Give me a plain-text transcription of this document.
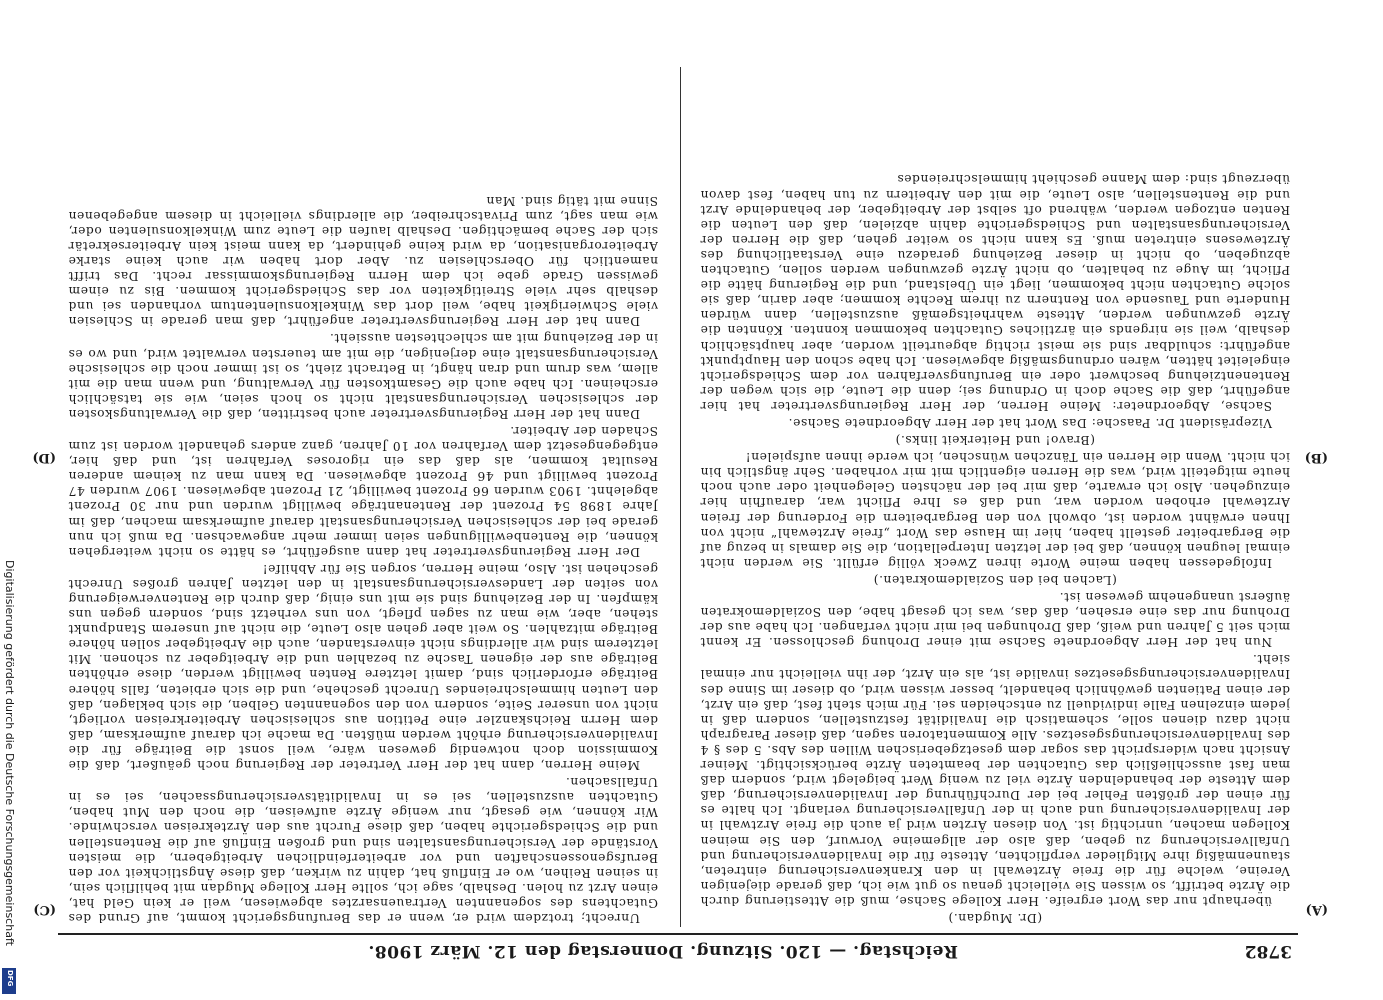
Digitalisierung gefördert durch die Deutsche Forschungsgemeinschaft
DFG
3782
Reichstag. — 120. Sitzung. Donnerstag den 12. März 1908.
(A)
(B)
(C)
(D)

(Dr. Mugdan.)

überhaupt nur das Wort ergreife. Herr Kollege Sachse, muß die Attestierung durch die Ärzte betrifft, so wissen Sie vielleicht genau so gut wie ich, daß gerade diejenigen Vereine, welche für die freie Ärztewahl in den Krankenversicherung eintreten, staunenmäßig ihre Mitglieder verpflichten, Atteste für die Invalidenversicherung und Unfallversicherung zu geben, daß also der allgemeine Vorwurf, den Sie meinen Kollegen machen, unrichtig ist. Von diesen Ärzten wird ja auch die freie Arztwahl in der Invalidenversicherung und auch in der Unfallversicherung verlangt. Ich halte es für einen der größten Fehler bei der Durchführung der Invalidenversicherung, daß dem Atteste der behandelnden Ärzte viel zu wenig Wert beigelegt wird, sondern daß man fast ausschließlich das Gutachten der beamteten Ärzte berücksichtigt. Meiner Ansicht nach widerspricht das sogar dem gesetzgeberischen Willen des Abs. 5 des § 4 des Invalidenversicherungsgesetzes. Alle Kommentatoren sagen, daß dieser Paragraph nicht dazu dienen solle, schematisch die Invalidität festzustellen, sondern daß in jedem einzelnen Falle individuell zu entscheiden sei. Für mich steht fest, daß ein Arzt, der einen Patienten gewöhnlich behandelt, besser wissen wird, ob dieser im Sinne des Invalidenversicherungsgesetzes invalide ist, als ein Arzt, der ihn vielleicht nur einmal sieht.

Nun hat der Herr Abgeordnete Sachse mit einer Drohung geschlossen. Er kennt mich seit 5 Jahren und weiß, daß Drohungen bei mir nicht verfangen. Ich habe aus der Drohung nur das eine ersehen, daß das, was ich gesagt habe, den Sozialdemokraten äußerst unangenehm gewesen ist.

(Lachen bei den Sozialdemokraten.)

Infolgedessen haben meine Worte ihren Zweck völlig erfüllt. Sie werden nicht einmal leugnen können, daß bei der letzten Interpellation, die Sie damals in bezug auf die Bergarbeiter gestellt haben, hier im Hause das Wort „freie Arztewahl“ nicht von Ihnen erwähnt worden ist, obwohl von den Bergarbeitern die Forderung der freien Arztewahl erhoben worden war, und daß es Ihre Pflicht war, daraufhin hier einzugehen. Also ich erwarte, daß mir bei der nächsten Gelegenheit oder auch noch heute mitgeteilt wird, was die Herren eigentlich mit mir vorhaben. Sehr ängstlich bin ich nicht. Wenn die Herren ein Tänzchen wünschen, ich werde ihnen aufspielen!

(Bravo! und Heiterkeit links.)

Vizepräsident Dr. Paasche: Das Wort hat der Herr Abgeordnete Sachse.

Sachse, Abgeordneter: Meine Herren, der Herr Regierungsvertreter hat hier angeführt, daß die Sache doch in Ordnung sei; denn die Leute, die sich wegen der Rentenentziehung beschwert oder ein Berufungsverfahren vor dem Schiedsgericht eingeleitet hätten, wären ordnungsmäßig abgewiesen. Ich habe schon den Hauptpunkt angeführt: schuldbar sind sie meist richtig abgeurteilt worden, aber hauptsächlich deshalb, weil sie nirgends ein ärztliches Gutachten bekommen konnten. Könnten die Ärzte gezwungen werden, Atteste wahrheitsgemäß auszustellen, dann würden Hunderte und Tausende von Rentnern zu ihrem Rechte kommen; aber darin, daß sie solche Gutachten nicht bekommen, liegt ein Übelstand, und die Regierung hätte die Pflicht, im Auge zu behalten, ob nicht Ärzte gezwungen werden sollen, Gutachten abzugeben, ob nicht in dieser Beziehung geradezu eine Verstaatlichung des Ärztewesens eintreten muß. Es kann nicht so weiter gehen, daß die Herren der Versicherungsanstalten und Schiedsgerichte dahin abzielen, daß den Leuten die Renten entzogen werden, während oft selbst der Arbeitgeber, der behandelnde Arzt und die Rentenstellen, also Leute, die mit den Arbeitern zu tun haben, fest davon überzeugt sind: dem Manne geschieht himmelschreiendes

Unrecht; trotzdem wird er, wenn er das Berufungsgericht kommt, auf Grund des Gutachtens des sogenannten Vertrauensarztes abgewiesen, weil er kein Geld hat, einen Arzt zu holen. Deshalb, sage ich, sollte Herr Kollege Mugdan mit behilflich sein, in seinen Reihen, wo er Einfluß hat, dahin zu wirken, daß diese Ängstlichkeit vor den Berufsgenossenschaften und vor arbeiterfeindlichen Arbeitgebern, die meisten Vorstände der Versicherungsanstalten sind und großen Einfluß auf die Rentenstellen und die Schiedsgerichte haben, daß diese Furcht aus den Ärztekreisen verschwinde. Wir können, wie gesagt, nur wenige Ärzte aufweisen, die noch den Mut haben, Gutachten auszustellen, sei es in Invaliditätsversicherungssachen, sei es in Unfallsachen.

Meine Herren, dann hat der Herr Vertreter der Regierung noch geäußert, daß die Kommission doch notwendig gewesen wäre, weil sonst die Beiträge für die Invalidenversicherung erhöht werden müßten. Da mache ich darauf aufmerksam, daß dem Herrn Reichskanzler eine Petition aus schlesischen Arbeiterkreisen vorliegt, nicht von unserer Seite, sondern von den sogenannten Gelben, die sich beklagen, daß den Leuten himmelschreiendes Unrecht geschehe, und die sich erbieten, falls höhere Beiträge erforderlich sind, damit letztere Renten bewilligt werden, diese erhöhten Beiträge aus der eigenen Tasche zu bezahlen und die Arbeitgeber zu schonen. Mit letzterem sind wir allerdings nicht einverstanden, auch die Arbeitgeber sollen höhere Beiträge mitzahlen. So weit aber gehen also Leute, die nicht auf unserem Standpunkt stehen, aber, wie man zu sagen pflegt, von uns verhetzt sind, sondern gegen uns kämpfen. In der Beziehung sind sie mit uns einig, daß durch die Rentenverweigerung von seiten der Landesversicherungsanstalt in den letzten Jahren großes Unrecht geschehen ist. Also, meine Herren, sorgen Sie für Abhilfe!

Der Herr Regierungsvertreter hat dann ausgeführt, es hätte so nicht weitergehen können, die Rentenbewilligungen seien immer mehr angewachsen. Da muß ich nun gerade bei der schlesischen Versicherungsanstalt darauf aufmerksam machen, daß im Jahre 1898 54 Prozent der Rentenanträge bewilligt wurden und nur 30 Prozent abgelehnt. 1903 wurden 66 Prozent bewilligt, 21 Prozent abgewiesen. 1907 wurden 47 Prozent bewilligt und 46 Prozent abgewiesen. Da kann man zu keinem anderen Resultat kommen, als daß das ein rigoroses Verfahren ist, und daß hier, entgegengesetzt dem Verfahren vor 10 Jahren, ganz anders gehandelt worden ist zum Schaden der Arbeiter.

Dann hat der Herr Regierungsvertreter auch bestritten, daß die Verwaltungskosten der schlesischen Versicherungsanstalt nicht so hoch seien, wie sie tatsächlich erscheinen. Ich habe auch die Gesamtkosten für Verwaltung, und wenn man die mit allem, was drum und dran hängt, in Betracht zieht, so ist immer noch die schlesische Versicherungsanstalt eine derjenigen, die mit am teuersten verwaltet wird, und wo es in der Beziehung mit am schlechtesten aussieht.

Dann hat der Herr Regierungsvertreter angeführt, daß man gerade in Schlesien viele Schwierigkeit habe, weil dort das Winkelkonsulententum vorhanden sei und deshalb sehr viele Streitigkeiten vor das Schiedsgericht kommen. Bis zu einem gewissen Grade gebe ich dem Herrn Regierungskommissar recht. Das trifft namentlich für Oberschlesien zu. Aber dort haben wir auch keine starke Arbeiterorganisation, da wird keine gehindert, da kann meist kein Arbeitersekretär sich der Sache bemächtigen. Deshalb laufen die Leute zum Winkelkonsulenten oder, wie man sagt, zum Privatschreiber, die allerdings vielleicht in diesem angegebenen Sinne mit tätig sind. Man
